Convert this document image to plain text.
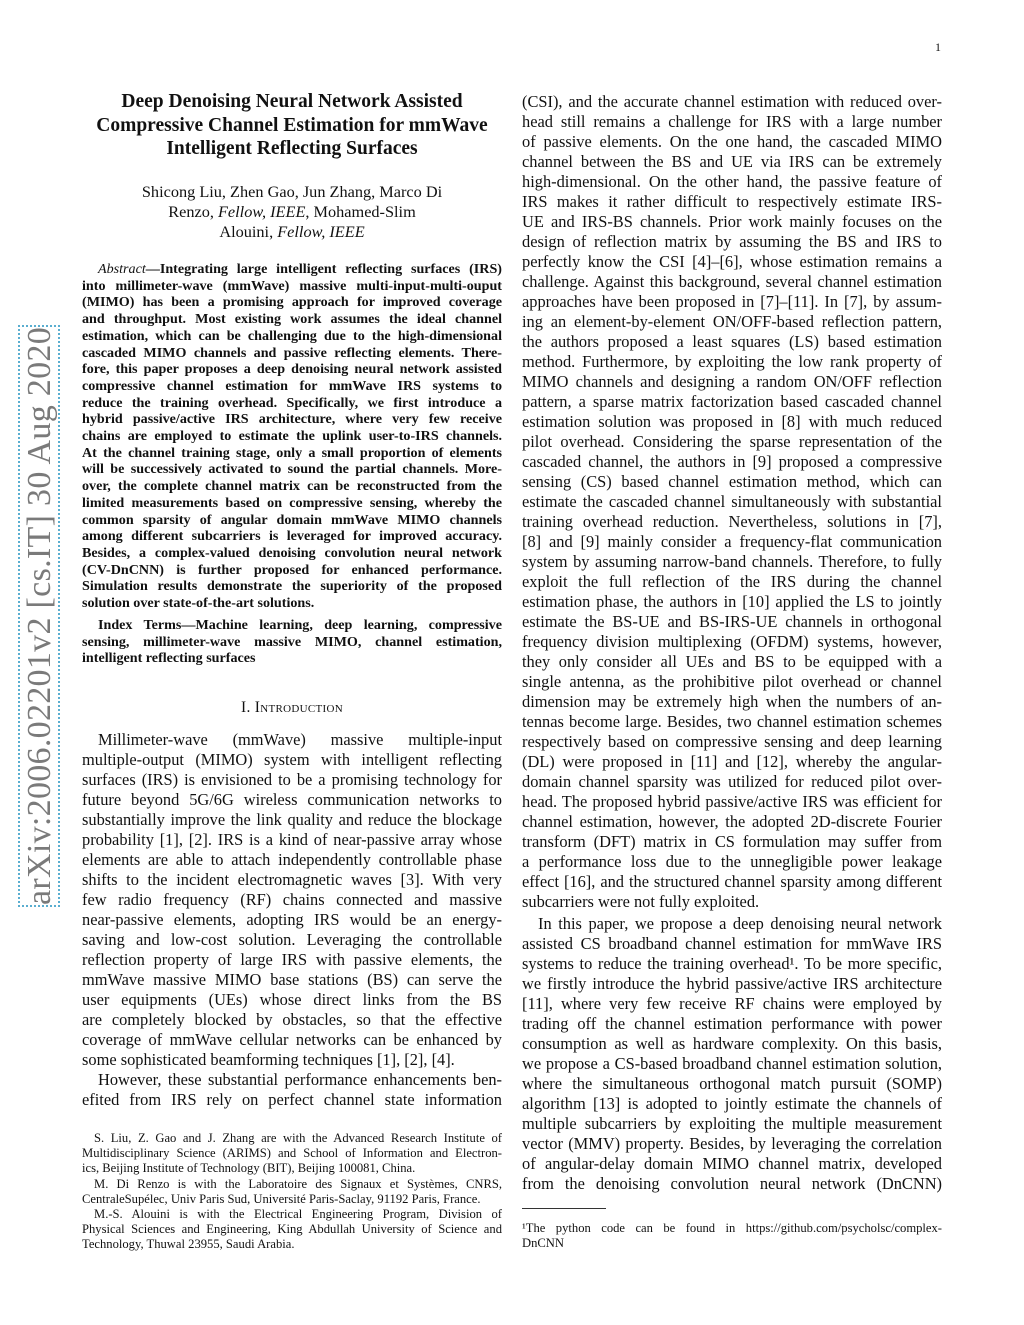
1
arXiv:2006.02201v2 [cs.IT] 30 Aug 2020
Deep Denoising Neural Network Assisted
Compressive Channel Estimation for mmWave
Intelligent Reflecting Surfaces
Shicong Liu, Zhen Gao, Jun Zhang, Marco Di
Renzo, Fellow, IEEE, Mohamed-Slim
Alouini, Fellow, IEEE
Abstract—Integrating large intelligent reflecting surfaces (IRS)
into millimeter-wave (mmWave) massive multi-input-multi-ouput
(MIMO) has been a promising approach for improved coverage
and throughput. Most existing work assumes the ideal channel
estimation, which can be challenging due to the high-dimensional
cascaded MIMO channels and passive reflecting elements. There-
fore, this paper proposes a deep denoising neural network assisted
compressive channel estimation for mmWave IRS systems to
reduce the training overhead. Specifically, we first introduce a
hybrid passive/active IRS architecture, where very few receive
chains are employed to estimate the uplink user-to-IRS channels.
At the channel training stage, only a small proportion of elements
will be successively activated to sound the partial channels. More-
over, the complete channel matrix can be reconstructed from the
limited measurements based on compressive sensing, whereby the
common sparsity of angular domain mmWave MIMO channels
among different subcarriers is leveraged for improved accuracy.
Besides, a complex-valued denoising convolution neural network
(CV-DnCNN) is further proposed for enhanced performance.
Simulation results demonstrate the superiority of the proposed
solution over state-of-the-art solutions.
Index Terms—Machine learning, deep learning, compressive
sensing, millimeter-wave massive MIMO, channel estimation,
intelligent reflecting surfaces
I. Introduction
Millimeter-wave (mmWave) massive multiple-input
multiple-output (MIMO) system with intelligent reflecting
surfaces (IRS) is envisioned to be a promising technology for
future beyond 5G/6G wireless communication networks to
substantially improve the link quality and reduce the blockage
probability [1], [2]. IRS is a kind of near-passive array whose
elements are able to attach independently controllable phase
shifts to the incident electromagnetic waves [3]. With very
few radio frequency (RF) chains connected and massive
near-passive elements, adopting IRS would be an energy-
saving and low-cost solution. Leveraging the controllable
reflection property of large IRS with passive elements, the
mmWave massive MIMO base stations (BS) can serve the
user equipments (UEs) whose direct links from the BS
are completely blocked by obstacles, so that the effective
coverage of mmWave cellular networks can be enhanced by
some sophisticated beamforming techniques [1], [2], [4].
However, these substantial performance enhancements ben-
efited from IRS rely on perfect channel state information
(CSI), and the accurate channel estimation with reduced over-
head still remains a challenge for IRS with a large number
of passive elements. On the one hand, the cascaded MIMO
channel between the BS and UE via IRS can be extremely
high-dimensional. On the other hand, the passive feature of
IRS makes it rather difficult to respectively estimate IRS-
UE and IRS-BS channels. Prior work mainly focuses on the
design of reflection matrix by assuming the BS and IRS to
perfectly know the CSI [4]–[6], whose estimation remains a
challenge. Against this background, several channel estimation
approaches have been proposed in [7]–[11]. In [7], by assum-
ing an element-by-element ON/OFF-based reflection pattern,
the authors proposed a least squares (LS) based estimation
method. Furthermore, by exploiting the low rank property of
MIMO channels and designing a random ON/OFF reflection
pattern, a sparse matrix factorization based cascaded channel
estimation solution was proposed in [8] with much reduced
pilot overhead. Considering the sparse representation of the
cascaded channel, the authors in [9] proposed a compressive
sensing (CS) based channel estimation method, which can
estimate the cascaded channel simultaneously with substantial
training overhead reduction. Nevertheless, solutions in [7],
[8] and [9] mainly consider a frequency-flat communication
system by assuming narrow-band channels. Therefore, to fully
exploit the full reflection of the IRS during the channel
estimation phase, the authors in [10] applied the LS to jointly
estimate the BS-UE and BS-IRS-UE channels in orthogonal
frequency division multiplexing (OFDM) systems, however,
they only consider all UEs and BS to be equipped with a
single antenna, as the prohibitive pilot overhead or channel
dimension may be extremely high when the numbers of an-
tennas become large. Besides, two channel estimation schemes
respectively based on compressive sensing and deep learning
(DL) were proposed in [11] and [12], whereby the angular-
domain channel sparsity was utilized for reduced pilot over-
head. The proposed hybrid passive/active IRS was efficient for
channel estimation, however, the adopted 2D-discrete Fourier
transform (DFT) matrix in CS formulation may suffer from
a performance loss due to the unnegligible power leakage
effect [16], and the structured channel sparsity among different
subcarriers were not fully exploited.
In this paper, we propose a deep denoising neural network
assisted CS broadband channel estimation for mmWave IRS
systems to reduce the training overhead¹. To be more specific,
we firstly introduce the hybrid passive/active IRS architecture
[11], where very few receive RF chains were employed by
trading off the channel estimation performance with power
consumption as well as hardware complexity. On this basis,
we propose a CS-based broadband channel estimation solution,
where the simultaneous orthogonal match pursuit (SOMP)
algorithm [13] is adopted to jointly estimate the channels of
multiple subcarriers by exploiting the multiple measurement
vector (MMV) property. Besides, by leveraging the correlation
of angular-delay domain MIMO channel matrix, developed
from the denoising convolution neural network (DnCNN)
S. Liu, Z. Gao and J. Zhang are with the Advanced Research Institute of
Multidisciplinary Science (ARIMS) and School of Information and Electron-
ics, Beijing Institute of Technology (BIT), Beijing 100081, China.
M. Di Renzo is with the Laboratoire des Signaux et Systèmes, CNRS,
CentraleSupélec, Univ Paris Sud, Université Paris-Saclay, 91192 Paris, France.
M.-S. Alouini is with the Electrical Engineering Program, Division of
Physical Sciences and Engineering, King Abdullah University of Science and
Technology, Thuwal 23955, Saudi Arabia.
¹The python code can be found in https://github.com/psycholsc/complex-
DnCNN
